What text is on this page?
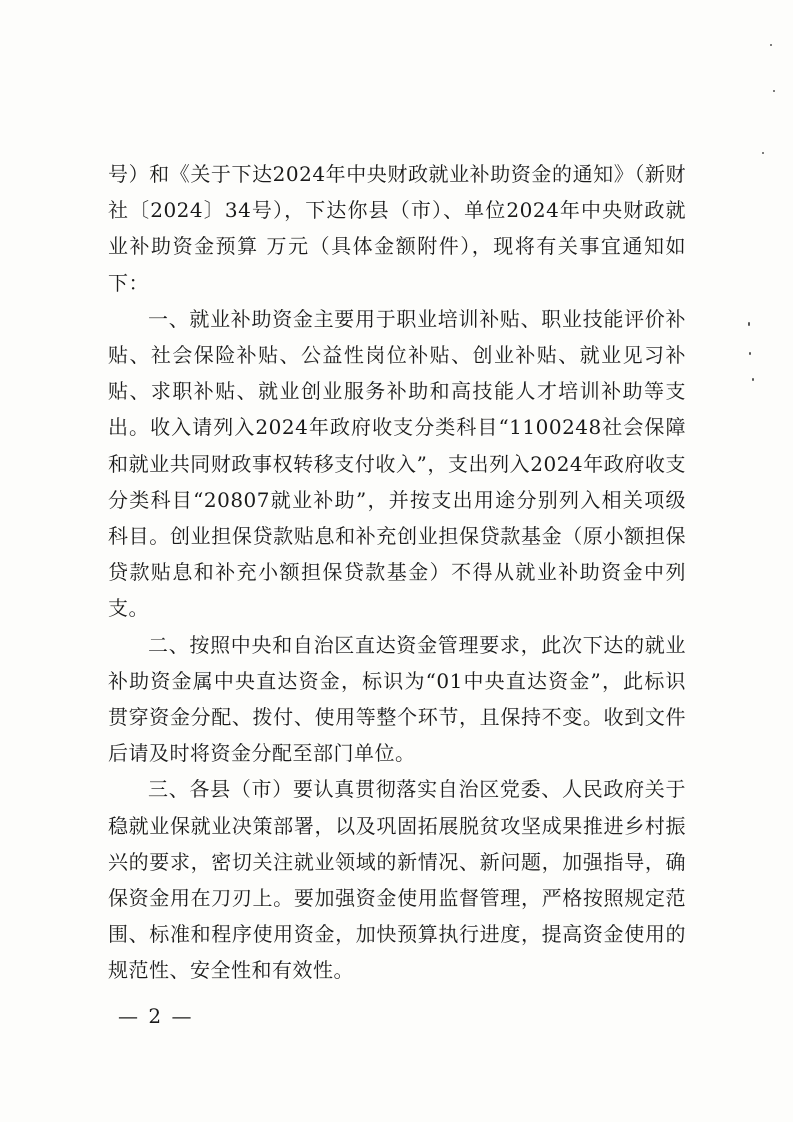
号）和《关于下达2024年中央财政就业补助资金的通知》（新财社〔2024〕34号），下达你县（市）、单位2024年中央财政就业补助资金预算 万元（具体金额附件），现将有关事宜通知如下：

一、就业补助资金主要用于职业培训补贴、职业技能评价补贴、社会保险补贴、公益性岗位补贴、创业补贴、就业见习补贴、求职补贴、就业创业服务补助和高技能人才培训补助等支出。收入请列入2024年政府收支分类科目“1100248社会保障和就业共同财政事权转移支付收入”，支出列入2024年政府收支分类科目“20807就业补助”，并按支出用途分别列入相关项级科目。创业担保贷款贴息和补充创业担保贷款基金（原小额担保贷款贴息和补充小额担保贷款基金）不得从就业补助资金中列支。

二、按照中央和自治区直达资金管理要求，此次下达的就业补助资金属中央直达资金，标识为“01中央直达资金”，此标识贯穿资金分配、拨付、使用等整个环节，且保持不变。收到文件后请及时将资金分配至部门单位。

三、各县（市）要认真贯彻落实自治区党委、人民政府关于稳就业保就业决策部署，以及巩固拓展脱贫攻坚成果推进乡村振兴的要求，密切关注就业领域的新情况、新问题，加强指导，确保资金用在刀刃上。要加强资金使用监督管理，严格按照规定范围、标准和程序使用资金，加快预算执行进度，提高资金使用的规范性、安全性和有效性。

— 2 —
